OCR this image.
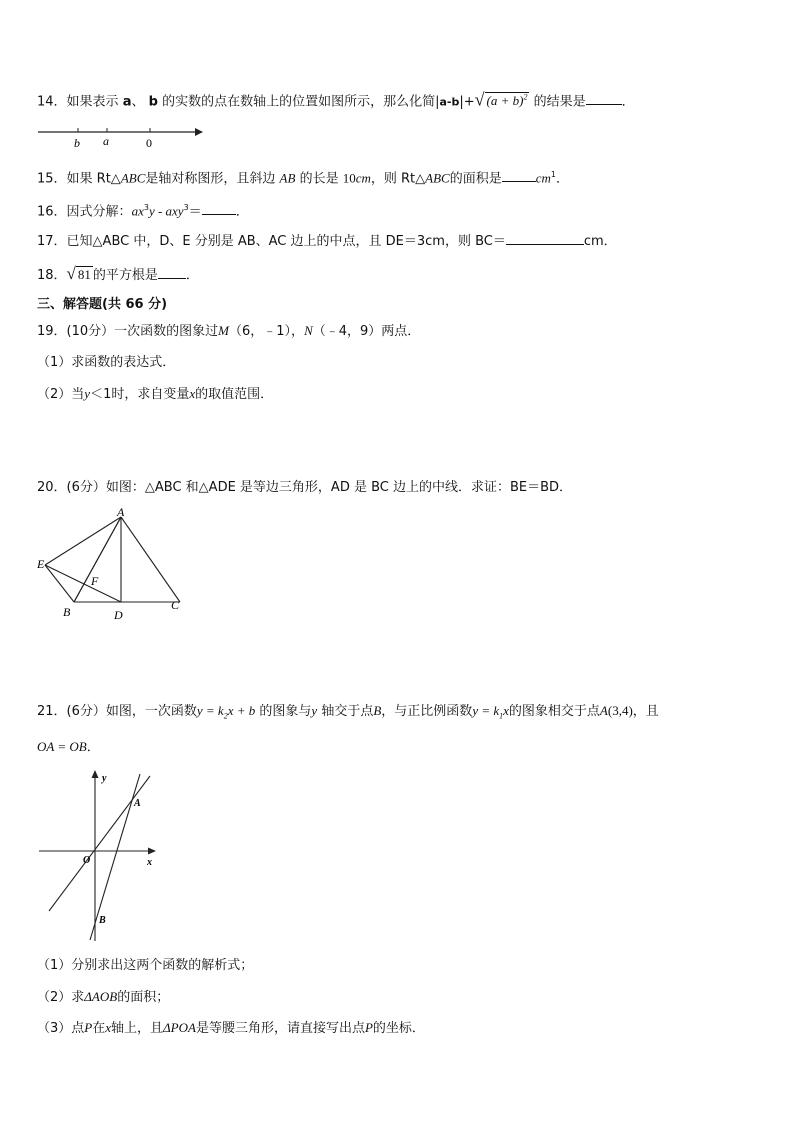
14．如果表示 a、 b 的实数的点在数轴上的位置如图所示，那么化简|a-b|+√ $(a + b)^2$ 的结果是	．
b a	0
15．如果 Rt△ABC是轴对称图形，且斜边 AB 的长是 10cm，则 Rt△ABC的面积是	$cm^1$．
16．因式分解：$ax^3y - axy^3=$	．
17．已知△ABC 中，D、E 分别是 AB、AC 边上的中点，且 DE＝3cm，则 BC＝	cm．
18．√ 81 的平方根是 ．
三、解答题(共 66 分)
19．(10分）一次函数的图象过M（6，﹣1），N（﹣4，9）两点．
（1）求函数的表达式．
（2）当y＜1时，求自变量x的取值范围．
20．(6分）如图：△ABC 和△ADE 是等边三角形，AD 是 BC 边上的中线．求证：BE＝BD．
A
E
F
B	D
C
21．(6分）如图，一次函数$y = k_2x + b$ 的图象与y 轴交于点B，与正比例函数$y = k_1x$的图象相交于点A(3,4)，且
OA = OB．
y
A
O	x
B
（1）分别求出这两个函数的解析式；
（2）求ΔAOB的面积；
（3）点P在x轴上，且ΔPOA是等腰三角形，请直接写出点P的坐标．
